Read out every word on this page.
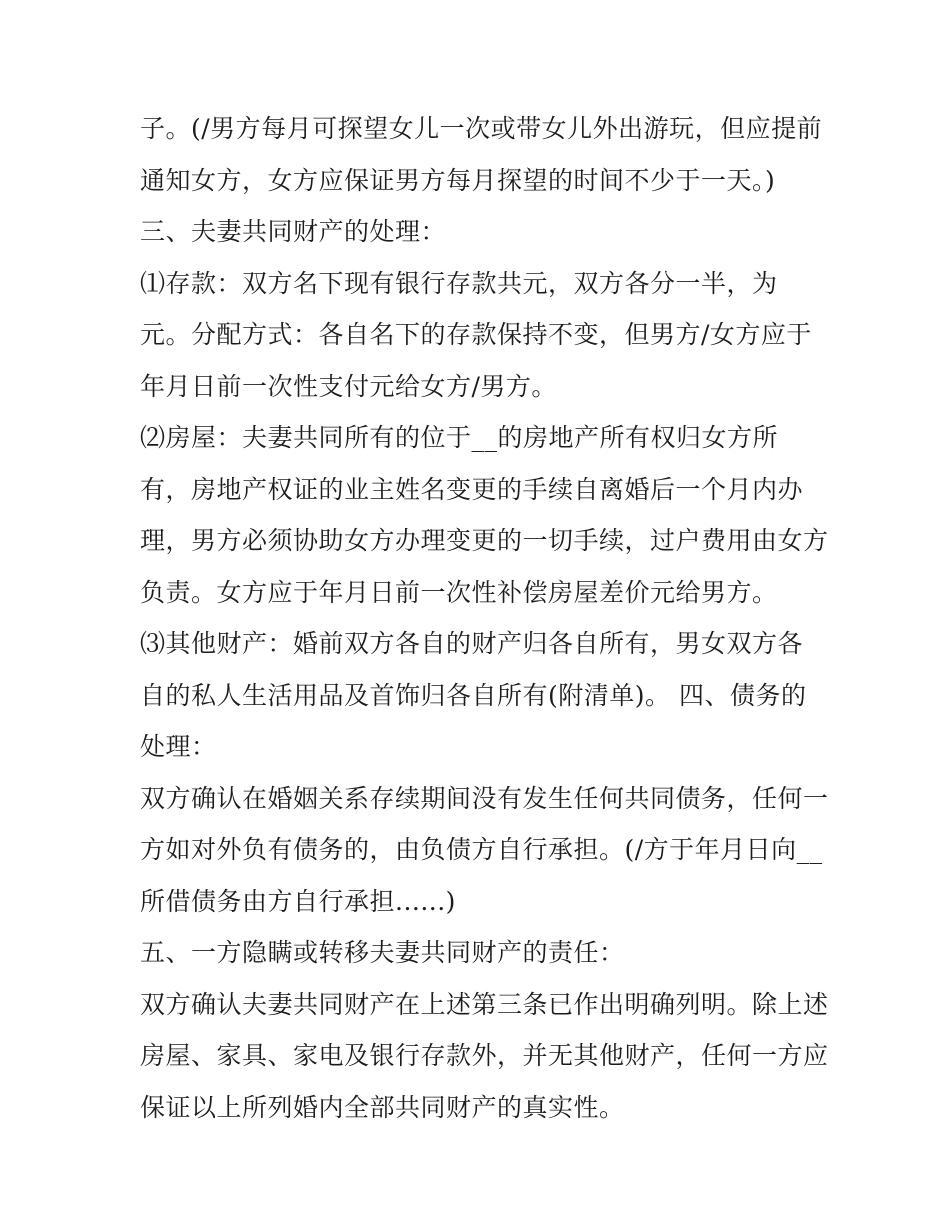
子。(/男方每月可探望女儿一次或带女儿外出游玩，但应提前
通知女方，女方应保证男方每月探望的时间不少于一天。)
三、夫妻共同财产的处理：
⑴存款：双方名下现有银行存款共元，双方各分一半，为
元。分配方式：各自名下的存款保持不变，但男方/女方应于
年月日前一次性支付元给女方/男方。
⑵房屋：夫妻共同所有的位于__的房地产所有权归女方所
有，房地产权证的业主姓名变更的手续自离婚后一个月内办
理，男方必须协助女方办理变更的一切手续，过户费用由女方
负责。女方应于年月日前一次性补偿房屋差价元给男方。
⑶其他财产：婚前双方各自的财产归各自所有，男女双方各
自的私人生活用品及首饰归各自所有(附清单)。 四、债务的
处理：
双方确认在婚姻关系存续期间没有发生任何共同债务，任何一
方如对外负有债务的，由负债方自行承担。(/方于年月日向__
所借债务由方自行承担......)
五、一方隐瞒或转移夫妻共同财产的责任：
双方确认夫妻共同财产在上述第三条已作出明确列明。除上述
房屋、家具、家电及银行存款外，并无其他财产，任何一方应
保证以上所列婚内全部共同财产的真实性。
